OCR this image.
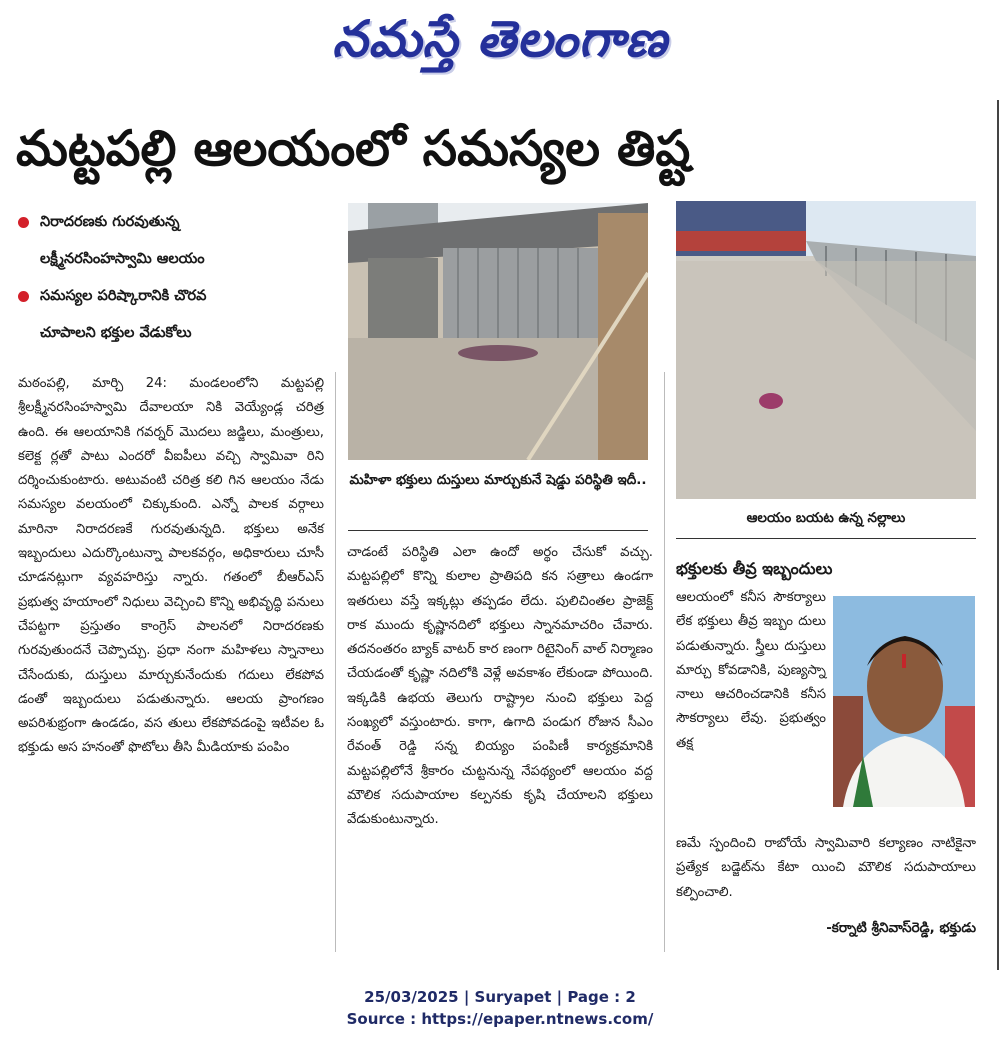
నమస్తే తెలంగాణ
మట్టపల్లి ఆలయంలో సమస్యల తిష్ట
నిరాదరణకు గురవుతున్న
లక్ష్మీనరసింహస్వామి ఆలయం
సమస్యల పరిష్కారానికి చొరవ
చూపాలని భక్తుల వేడుకోలు
మఠంపల్లి, మార్చి 24: మండలంలోని మట్టపల్లి శ్రీలక్ష్మీనరసింహస్వామి దేవాలయా నికి వెయ్యేండ్ల చరిత్ర ఉంది. ఈ ఆలయానికి గవర్నర్ మొదలు జడ్జిలు, మంత్రులు, కలెక్ట ర్లతో పాటు ఎందరో వీఐపీలు వచ్చి స్వామివా రిని దర్శించుకుంటారు. అటువంటి చరిత్ర కలి గిన ఆలయం నేడు సమస్యల వలయంలో చిక్కుకుంది. ఎన్నో పాలక వర్గాలు మారినా నిరాదరణకే గురవుతున్నది. భక్తులు అనేక ఇబ్బందులు ఎదుర్కొంటున్నా పాలకవర్గం, అధికారులు చూసీ చూడనట్లుగా వ్యవహరిస్తు న్నారు. గతంలో బీఆర్ఎస్ ప్రభుత్వ హయాంలో నిధులు వెచ్చించి కొన్ని అభివృద్ధి పనులు చేపట్టగా ప్రస్తుతం కాంగ్రెస్ పాలనలో నిరాదరణకు గురవుతుందనే చెప్పొచ్చు. ప్రధా నంగా మహిళలు స్నానాలు చేసేందుకు, దుస్తులు మార్చుకునేందుకు గదులు లేకపోవ డంతో ఇబ్బందులు పడుతున్నారు. ఆలయ ప్రాంగణం అపరిశుభ్రంగా ఉండడం, వస తులు లేకపోవడంపై ఇటీవల ఓ భక్తుడు అస హనంతో ఫొటోలు తీసి మీడియాకు పంపిం
మహిళా భక్తులు దుస్తులు మార్చుకునే షెడ్డు పరిస్థితి ఇదీ..
చాడంటే పరిస్థితి ఎలా ఉందో అర్థం చేసుకో వచ్చు. మట్టపల్లిలో కొన్ని కులాల ప్రాతిపది కన సత్రాలు ఉండగా ఇతరులు వస్తే ఇక్కట్లు తప్పడం లేదు. పులిచింతల ప్రాజెక్ట్ రాక ముందు కృష్ణానదిలో భక్తులు స్నానమాచరిం చేవారు. తదనంతరం బ్యాక్ వాటర్ కార ణంగా రిటైనింగ్ వాల్ నిర్మాణం చేయడంతో కృష్ణా నదిలోకి వెళ్లే అవకాశం లేకుండా పోయింది. ఇక్కడికి ఉభయ తెలుగు రాష్ట్రాల నుంచి భక్తులు పెద్ద సంఖ్యలో వస్తుంటారు. కాగా, ఉగాది పండుగ రోజున సీఎం రేవంత్ రెడ్డి సన్న బియ్యం పంపిణీ కార్యక్రమానికి మట్టపల్లిలోనే శ్రీకారం చుట్టనున్న నేపథ్యంలో ఆలయం వద్ద మౌలిక సదుపాయాల కల్పనకు కృషి చేయాలని భక్తులు వేడుకుంటున్నారు.
ఆలయం బయట ఉన్న నల్లాలు
భక్తులకు తీవ్ర ఇబ్బందులు
ఆలయంలో కనీస సౌకర్యాలు లేక భక్తులు తీవ్ర ఇబ్బం దులు పడుతున్నారు. స్త్రీలు దుస్తులు మార్చు కోవడానికి, పుణ్యస్నా నాలు ఆచరించడానికి కనీస సౌకర్యాలు లేవు. ప్రభుత్వం తక్ష
ణమే స్పందించి రాబోయే స్వామివారి కల్యాణం నాటికైనా ప్రత్యేక బడ్జెట్‌ను కేటా యించి మౌలిక సదుపాయాలు కల్పించాలి.
-కర్నాటి శ్రీనివాస్‌రెడ్డి, భక్తుడు
25/03/2025 | Suryapet | Page : 2
Source : https://epaper.ntnews.com/
